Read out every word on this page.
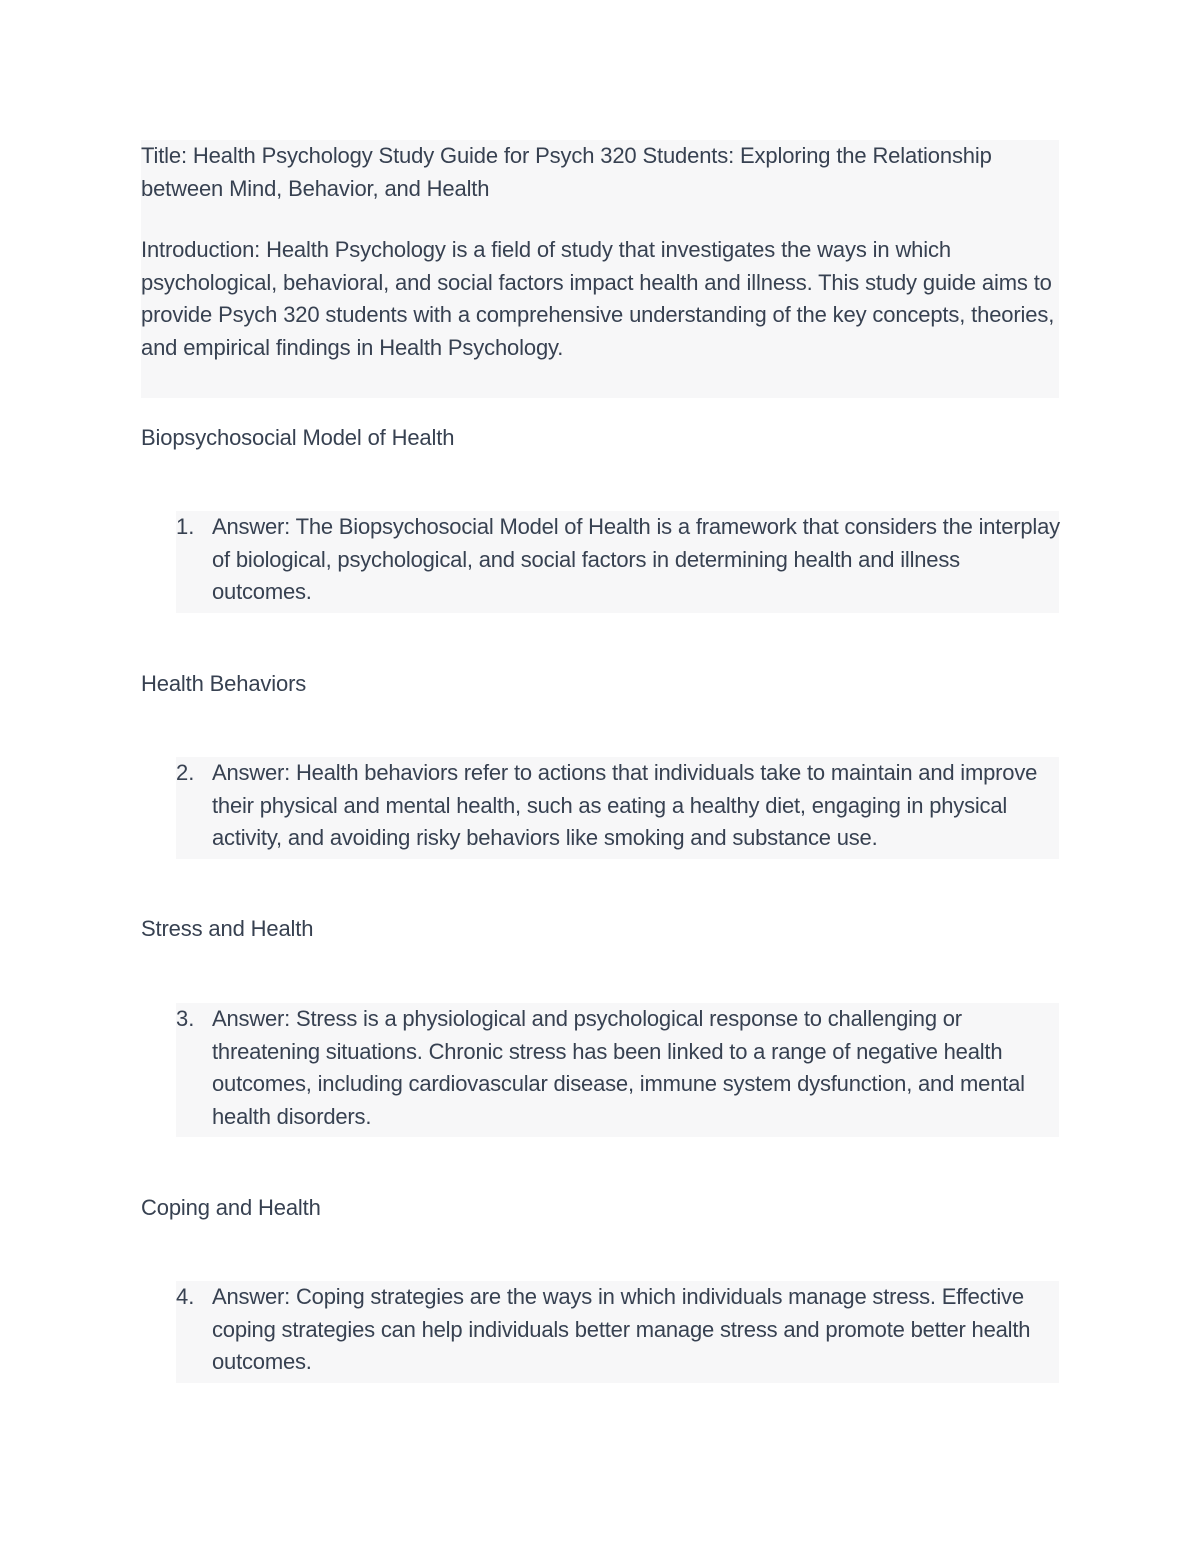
Title: Health Psychology Study Guide for Psych 320 Students: Exploring the Relationship between Mind, Behavior, and Health

Introduction: Health Psychology is a field of study that investigates the ways in which psychological, behavioral, and social factors impact health and illness. This study guide aims to provide Psych 320 students with a comprehensive understanding of the key concepts, theories, and empirical findings in Health Psychology.

Biopsychosocial Model of Health
1. Answer: The Biopsychosocial Model of Health is a framework that considers the interplay of biological, psychological, and social factors in determining health and illness outcomes.

Health Behaviors
2. Answer: Health behaviors refer to actions that individuals take to maintain and improve their physical and mental health, such as eating a healthy diet, engaging in physical activity, and avoiding risky behaviors like smoking and substance use.

Stress and Health
3. Answer: Stress is a physiological and psychological response to challenging or threatening situations. Chronic stress has been linked to a range of negative health outcomes, including cardiovascular disease, immune system dysfunction, and mental health disorders.

Coping and Health
4. Answer: Coping strategies are the ways in which individuals manage stress. Effective coping strategies can help individuals better manage stress and promote better health outcomes.
